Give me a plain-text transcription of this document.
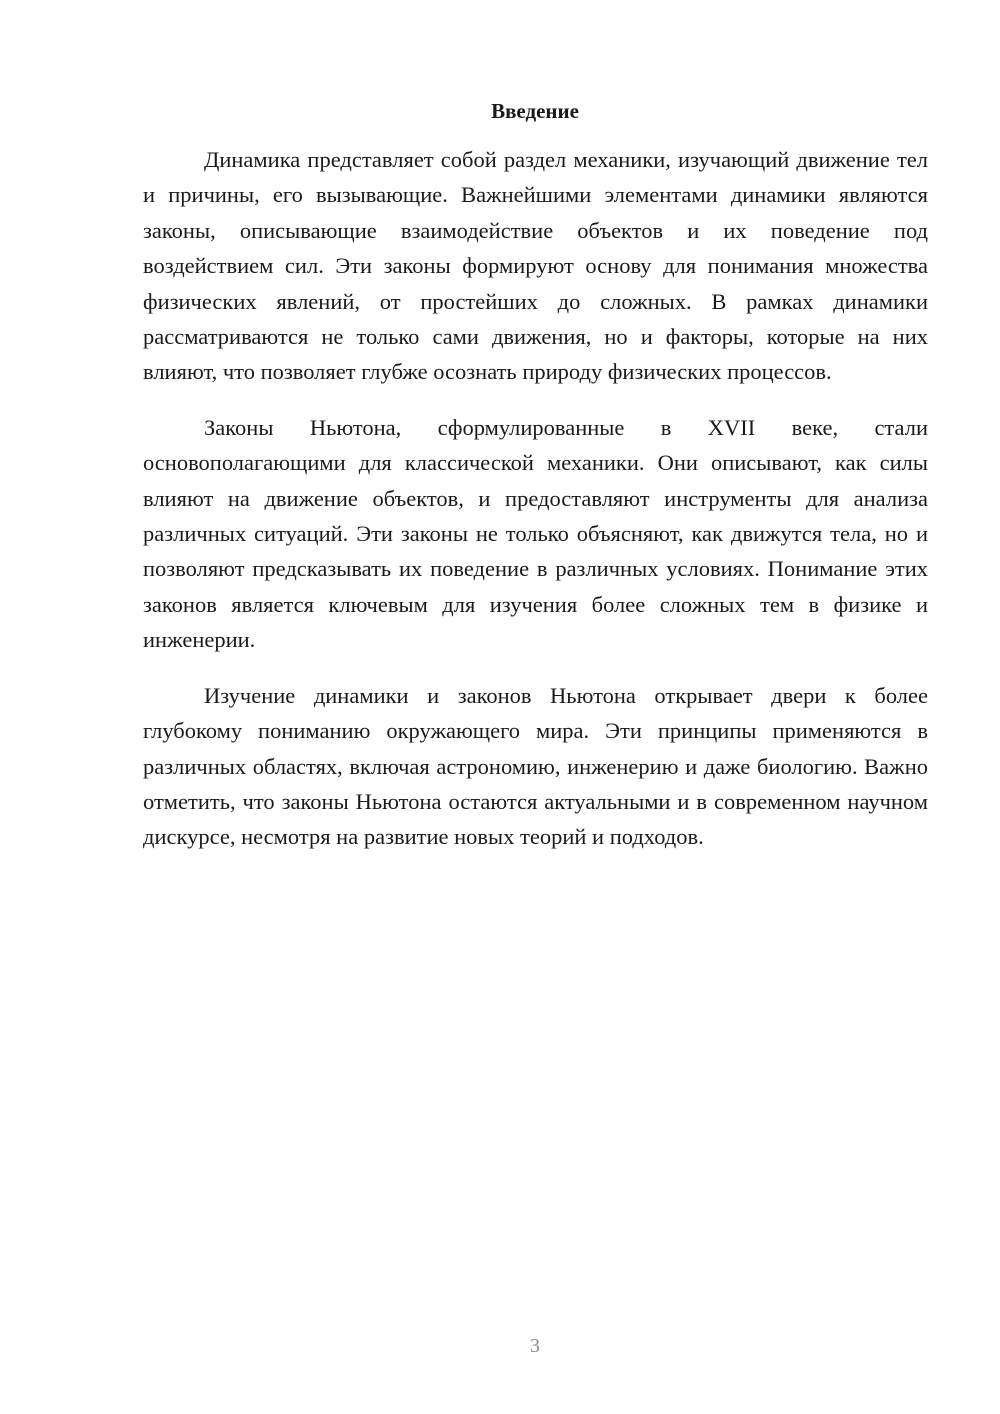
Введение

Динамика представляет собой раздел механики, изучающий движение тел и причины, его вызывающие. Важнейшими элементами динамики являются законы, описывающие взаимодействие объектов и их поведение под воздействием сил. Эти законы формируют основу для понимания множества физических явлений, от простейших до сложных. В рамках динамики рассматриваются не только сами движения, но и факторы, которые на них влияют, что позволяет глубже осознать природу физических процессов.

Законы Ньютона, сформулированные в XVII веке, стали основополагающими для классической механики. Они описывают, как силы влияют на движение объектов, и предоставляют инструменты для анализа различных ситуаций. Эти законы не только объясняют, как движутся тела, но и позволяют предсказывать их поведение в различных условиях. Понимание этих законов является ключевым для изучения более сложных тем в физике и инженерии.

Изучение динамики и законов Ньютона открывает двери к более глубокому пониманию окружающего мира. Эти принципы применяются в различных областях, включая астрономию, инженерию и даже биологию. Важно отметить, что законы Ньютона остаются актуальными и в современном научном дискурсе, несмотря на развитие новых теорий и подходов.

3
